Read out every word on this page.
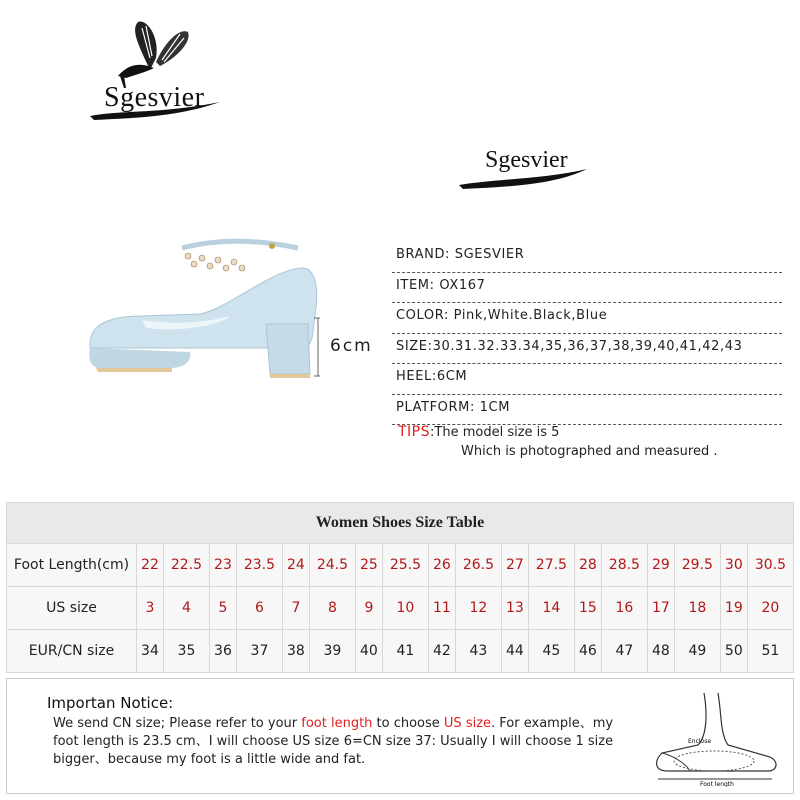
Sgesvier
Sgesvier
6cm
BRAND: SGESVIER
ITEM: OX167
COLOR: Pink,White.Black,Blue
SIZE:30.31.32.33.34,35,36,37,38,39,40,41,42,43
HEEL:6CM
PLATFORM: 1CM
TIPS:The model size is 5
Which is photographed and measured .
Women Shoes Size Table																		
Foot Length(cm)	22	22.5	23	23.5	24	24.5	25	25.5	26	26.5	27	27.5	28	28.5	29	29.5	30	30.5
US size	3	4	5	6	7	8	9	10	11	12	13	14	15	16	17	18	19	20
EUR/CN size	34	35	36	37	38	39	40	41	42	43	44	45	46	47	48	49	50	51
Importan Notice:
We send CN size; Please refer to your foot length to choose US size. For example、my foot length is 23.5 cm、I will choose US size 6=CN size 37: Usually I will choose 1 size bigger、because my foot is a little wide and fat.
Enclose
Foot length
